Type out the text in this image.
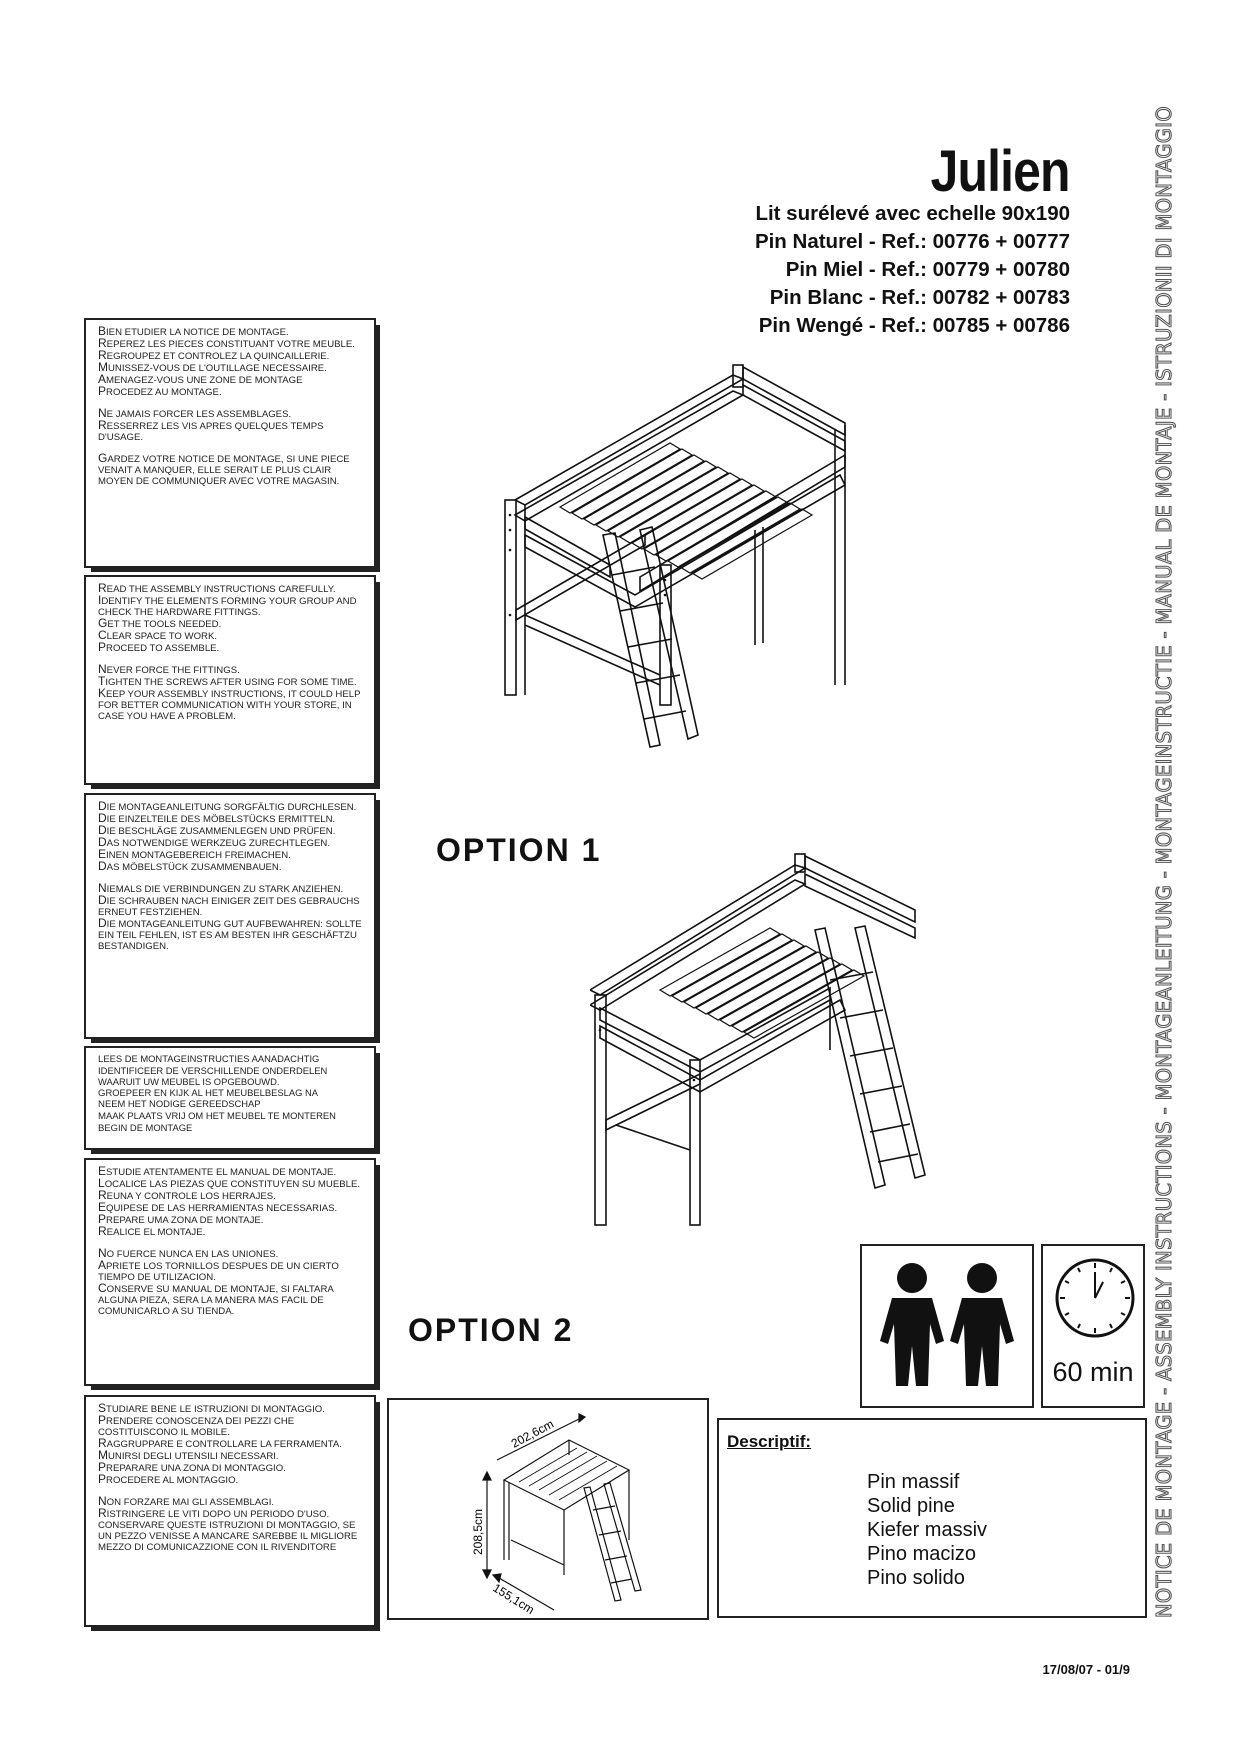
Julien
Lit surélevé avec echelle 90x190
Pin Naturel - Ref.: 00776 + 00777
Pin Miel - Ref.: 00779 + 00780
Pin Blanc - Ref.: 00782 + 00783
Pin Wengé - Ref.: 00785 + 00786	NOTICE DE MONTAGE - ASSEMBLY INSTRUCTIONS - MONTAGEANLEITUNG - MONTAGEINSTRUCTIE - MANUAL DE MONTAJE - ISTRUZIONII DI MONTAGGIO

BIEN ETUDIER LA NOTICE DE MONTAGE.

REPEREZ LES PIECES CONSTITUANT VOTRE MEUBLE.

REGROUPEZ ET CONTROLEZ LA QUINCAILLERIE.

MUNISSEZ-VOUS DE L'OUTILLAGE NECESSAIRE.

AMENAGEZ-VOUS UNE ZONE DE MONTAGE

PROCEDEZ AU MONTAGE.

NE JAMAIS FORCER LES ASSEMBLAGES.

RESSERREZ LES VIS APRES QUELQUES TEMPS D'USAGE.

GARDEZ VOTRE NOTICE DE MONTAGE, SI UNE PIECE VENAIT A MANQUER, ELLE SERAIT LE PLUS CLAIR MOYEN DE COMMUNIQUER AVEC VOTRE MAGASIN.

READ THE ASSEMBLY INSTRUCTIONS CAREFULLY.

IDENTIFY THE ELEMENTS FORMING YOUR GROUP AND CHECK THE HARDWARE FITTINGS.

GET THE TOOLS NEEDED.

CLEAR SPACE TO WORK.

PROCEED TO ASSEMBLE.

NEVER FORCE THE FITTINGS.

TIGHTEN THE SCREWS AFTER USING FOR SOME TIME.

KEEP YOUR ASSEMBLY INSTRUCTIONS, IT COULD HELP FOR BETTER COMMUNICATION WITH YOUR STORE, IN CASE YOU HAVE A PROBLEM.

DIE MONTAGEANLEITUNG SORGFÄLTIG DURCHLESEN.

DIE EINZELTEILE DES MÖBELSTÜCKS ERMITTELN.

DIE BESCHLÄGE ZUSAMMENLEGEN UND PRÜFEN.

DAS NOTWENDIGE WERKZEUG ZURECHTLEGEN.

EINEN MONTAGEBEREICH FREIMACHEN.

DAS MÖBELSTÜCK ZUSAMMENBAUEN.

NIEMALS DIE VERBINDUNGEN ZU STARK ANZIEHEN.

DIE SCHRAUBEN NACH EINIGER ZEIT DES GEBRAUCHS ERNEUT FESTZIEHEN.

DIE MONTAGEANLEITUNG GUT AUFBEWAHREN: SOLLTE EIN TEIL FEHLEN, IST ES AM BESTEN IHR GESCHÄFTZU BESTANDIGEN.

LEES DE MONTAGEINSTRUCTIES AANADACHTIG

IDENTIFICEER DE VERSCHILLENDE ONDERDELEN WAARUIT UW MEUBEL IS OPGEBOUWD.

GROEPEER EN KIJK AL HET MEUBELBESLAG NA

NEEM HET NODIGE GEREEDSCHAP

MAAK PLAATS VRIJ OM HET MEUBEL TE MONTEREN

BEGIN DE MONTAGE

ESTUDIE ATENTAMENTE EL MANUAL DE MONTAJE.

LOCALICE LAS PIEZAS QUE CONSTITUYEN SU MUEBLE.

REUNA Y CONTROLE LOS HERRAJES.

EQUIPESE DE LAS HERRAMIENTAS NECESSARIAS.

PREPARE UMA ZONA DE MONTAJE.

REALICE EL MONTAJE.

NO FUERCE NUNCA EN LAS UNIONES.

APRIETE LOS TORNILLOS DESPUES DE UN CIERTO TIEMPO DE UTILIZACION.

CONSERVE SU MANUAL DE MONTAJE, SI FALTARA ALGUNA PIEZA, SERA LA MANERA MAS FACIL DE COMUNICARLO A SU TIENDA.

STUDIARE BENE LE ISTRUZIONI DI MONTAGGIO.

PRENDERE CONOSCENZA DEI PEZZI CHE COSTITUISCONO IL MOBILE.

RAGGRUPPARE E CONTROLLARE LA FERRAMENTA.

MUNIRSI DEGLI UTENSILI NECESSARI.

PREPARARE UNA ZONA DI MONTAGGIO.

PROCEDERE AL MONTAGGIO.

NON FORZARE MAI GLI ASSEMBLAGI.

RISTRINGERE LE VITI DOPO UN PERIODO D'USO. CONSERVARE QUESTE ISTRUZIONI DI MONTAGGIO, SE UN PEZZO VENISSE A MANCARE SAREBBE IL MIGLIORE MEZZO DI COMUNICAZZIONE CON IL RIVENDITORE

OPTION 1
OPTION 2
60 min
202,6cm
208,5cm
155,1cm
Descriptif:
Pin massif
Solid pine
Kiefer massiv
Pino macizo
Pino solido
17/08/07 - 01/9
